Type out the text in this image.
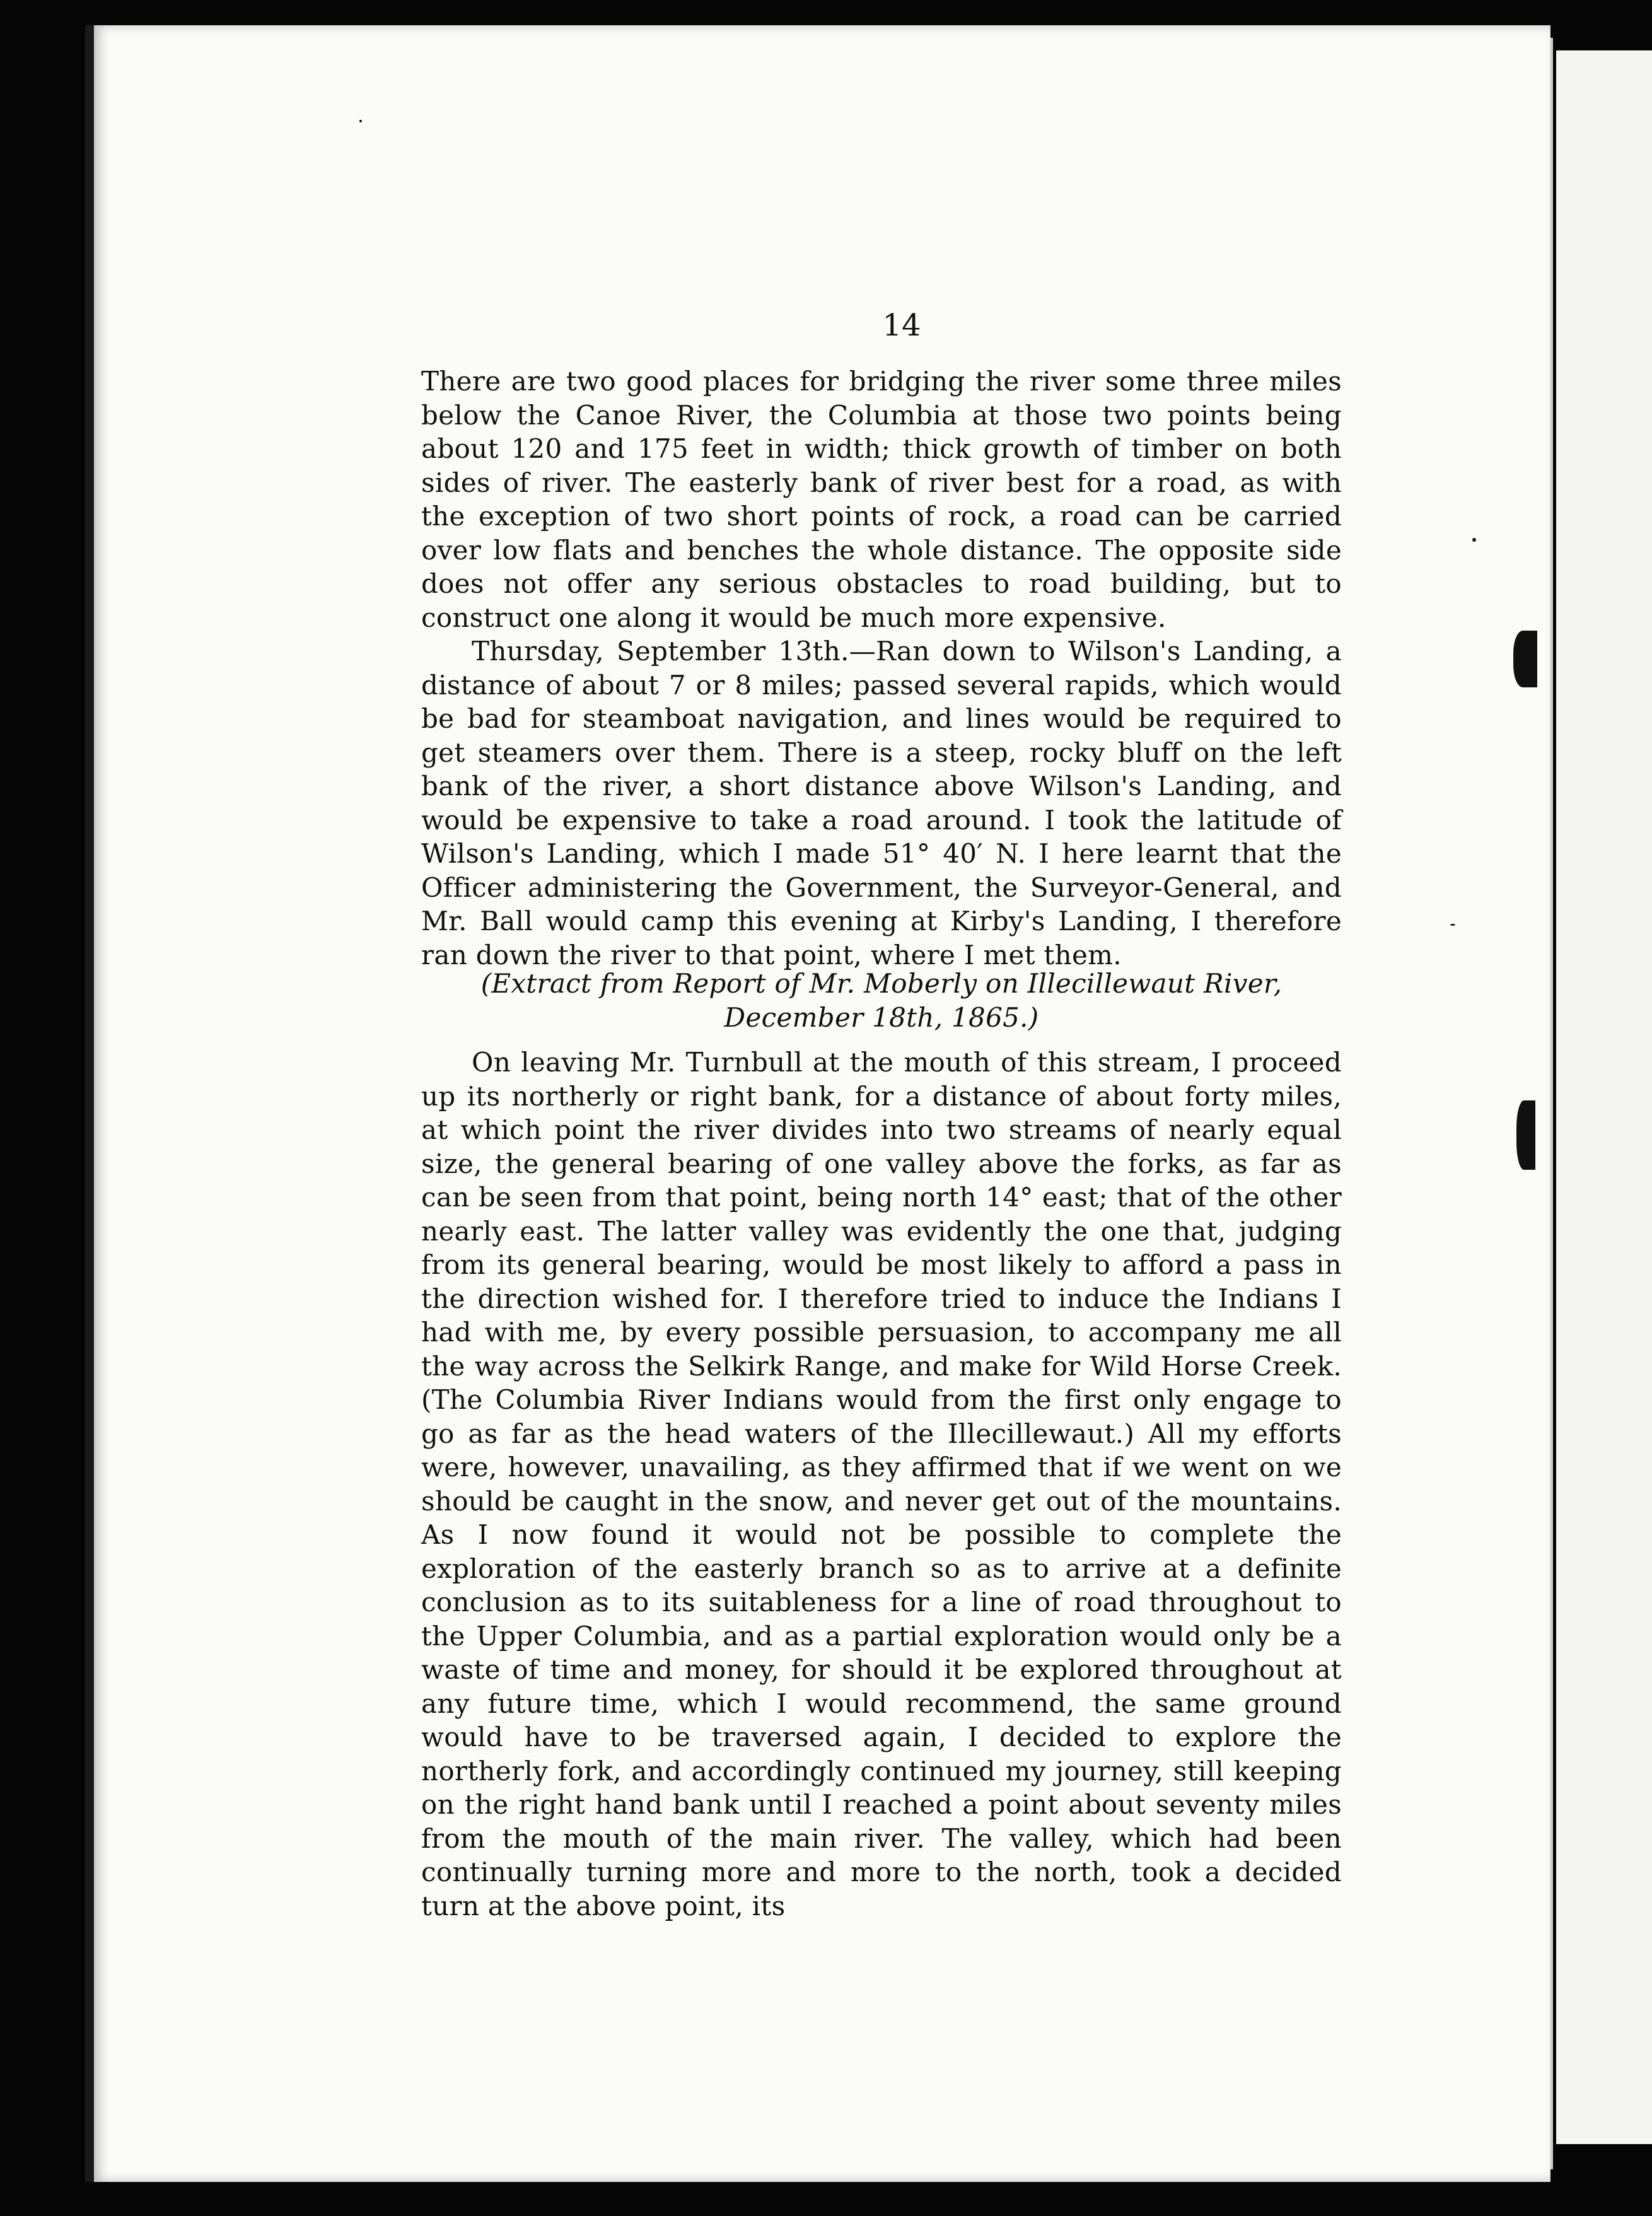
14

There are two good places for bridging the river some three miles below the Canoe River, the Columbia at those two points being about 120 and 175 feet in width; thick growth of timber on both sides of river. The easterly bank of river best for a road, as with the exception of two short points of rock, a road can be carried over low flats and benches the whole distance. The opposite side does not offer any serious obstacles to road building, but to construct one along it would be much more expensive.

Thursday, September 13th.—Ran down to Wilson's Landing, a distance of about 7 or 8 miles; passed several rapids, which would be bad for steamboat navigation, and lines would be required to get steamers over them. There is a steep, rocky bluff on the left bank of the river, a short distance above Wilson's Landing, and would be expensive to take a road around. I took the latitude of Wilson's Landing, which I made 51° 40′ N. I here learnt that the Officer administering the Government, the Surveyor-General, and Mr. Ball would camp this evening at Kirby's Landing, I therefore ran down the river to that point, where I met them.

(Extract from Report of Mr. Moberly on Illecillewaut River,
December 18th, 1865.)

On leaving Mr. Turnbull at the mouth of this stream, I proceed up its northerly or right bank, for a distance of about forty miles, at which point the river divides into two streams of nearly equal size, the general bearing of one valley above the forks, as far as can be seen from that point, being north 14° east; that of the other nearly east. The latter valley was evidently the one that, judging from its general bearing, would be most likely to afford a pass in the direction wished for. I therefore tried to induce the Indians I had with me, by every possible persuasion, to accompany me all the way across the Selkirk Range, and make for Wild Horse Creek. (The Columbia River Indians would from the first only engage to go as far as the head waters of the Illecillewaut.) All my efforts were, however, unavailing, as they affirmed that if we went on we should be caught in the snow, and never get out of the mountains. As I now found it would not be possible to complete the exploration of the easterly branch so as to arrive at a definite conclusion as to its suitableness for a line of road throughout to the Upper Columbia, and as a partial exploration would only be a waste of time and money, for should it be explored throughout at any future time, which I would recommend, the same ground would have to be traversed again, I decided to explore the northerly fork, and accordingly continued my journey, still keeping on the right hand bank until I reached a point about seventy miles from the mouth of the main river. The valley, which had been continually turning more and more to the north, took a decided turn at the above point, its
